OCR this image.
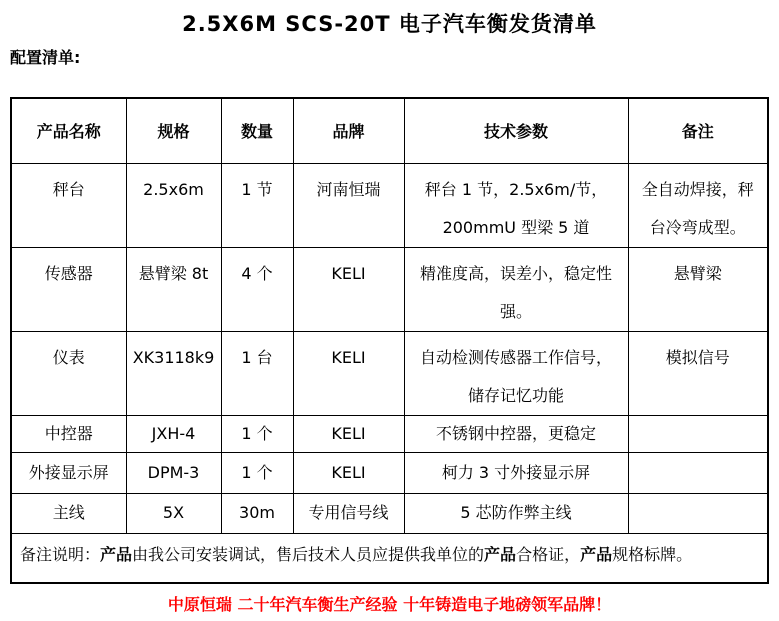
2.5X6M SCS-20T 电子汽车衡发货清单
配置清单:
产品名称	规格	数量	品牌	技术参数	备注
秤台	2.5x6m	1 节	河南恒瑞	秤台 1 节，2.5x6m/节，200mmU 型梁 5 道	全自动焊接，秤台冷弯成型。
传感器	悬臂梁 8t	4 个	KELI	精准度高，误差小，稳定性强。	悬臂梁
仪表	XK3118k9	1 台	KELI	自动检测传感器工作信号，储存记忆功能	模拟信号
中控器	JXH-4	1 个	KELI	不锈钢中控器，更稳定	
外接显示屏	DPM-3	1 个	KELI	柯力 3 寸外接显示屏	
主线	5X	30m	专用信号线	5 芯防作弊主线	
备注说明：产品由我公司安装调试，售后技术人员应提供我单位的产品合格证，产品规格标牌。					
中原恒瑞 二十年汽车衡生产经验 十年铸造电子地磅领军品牌！
